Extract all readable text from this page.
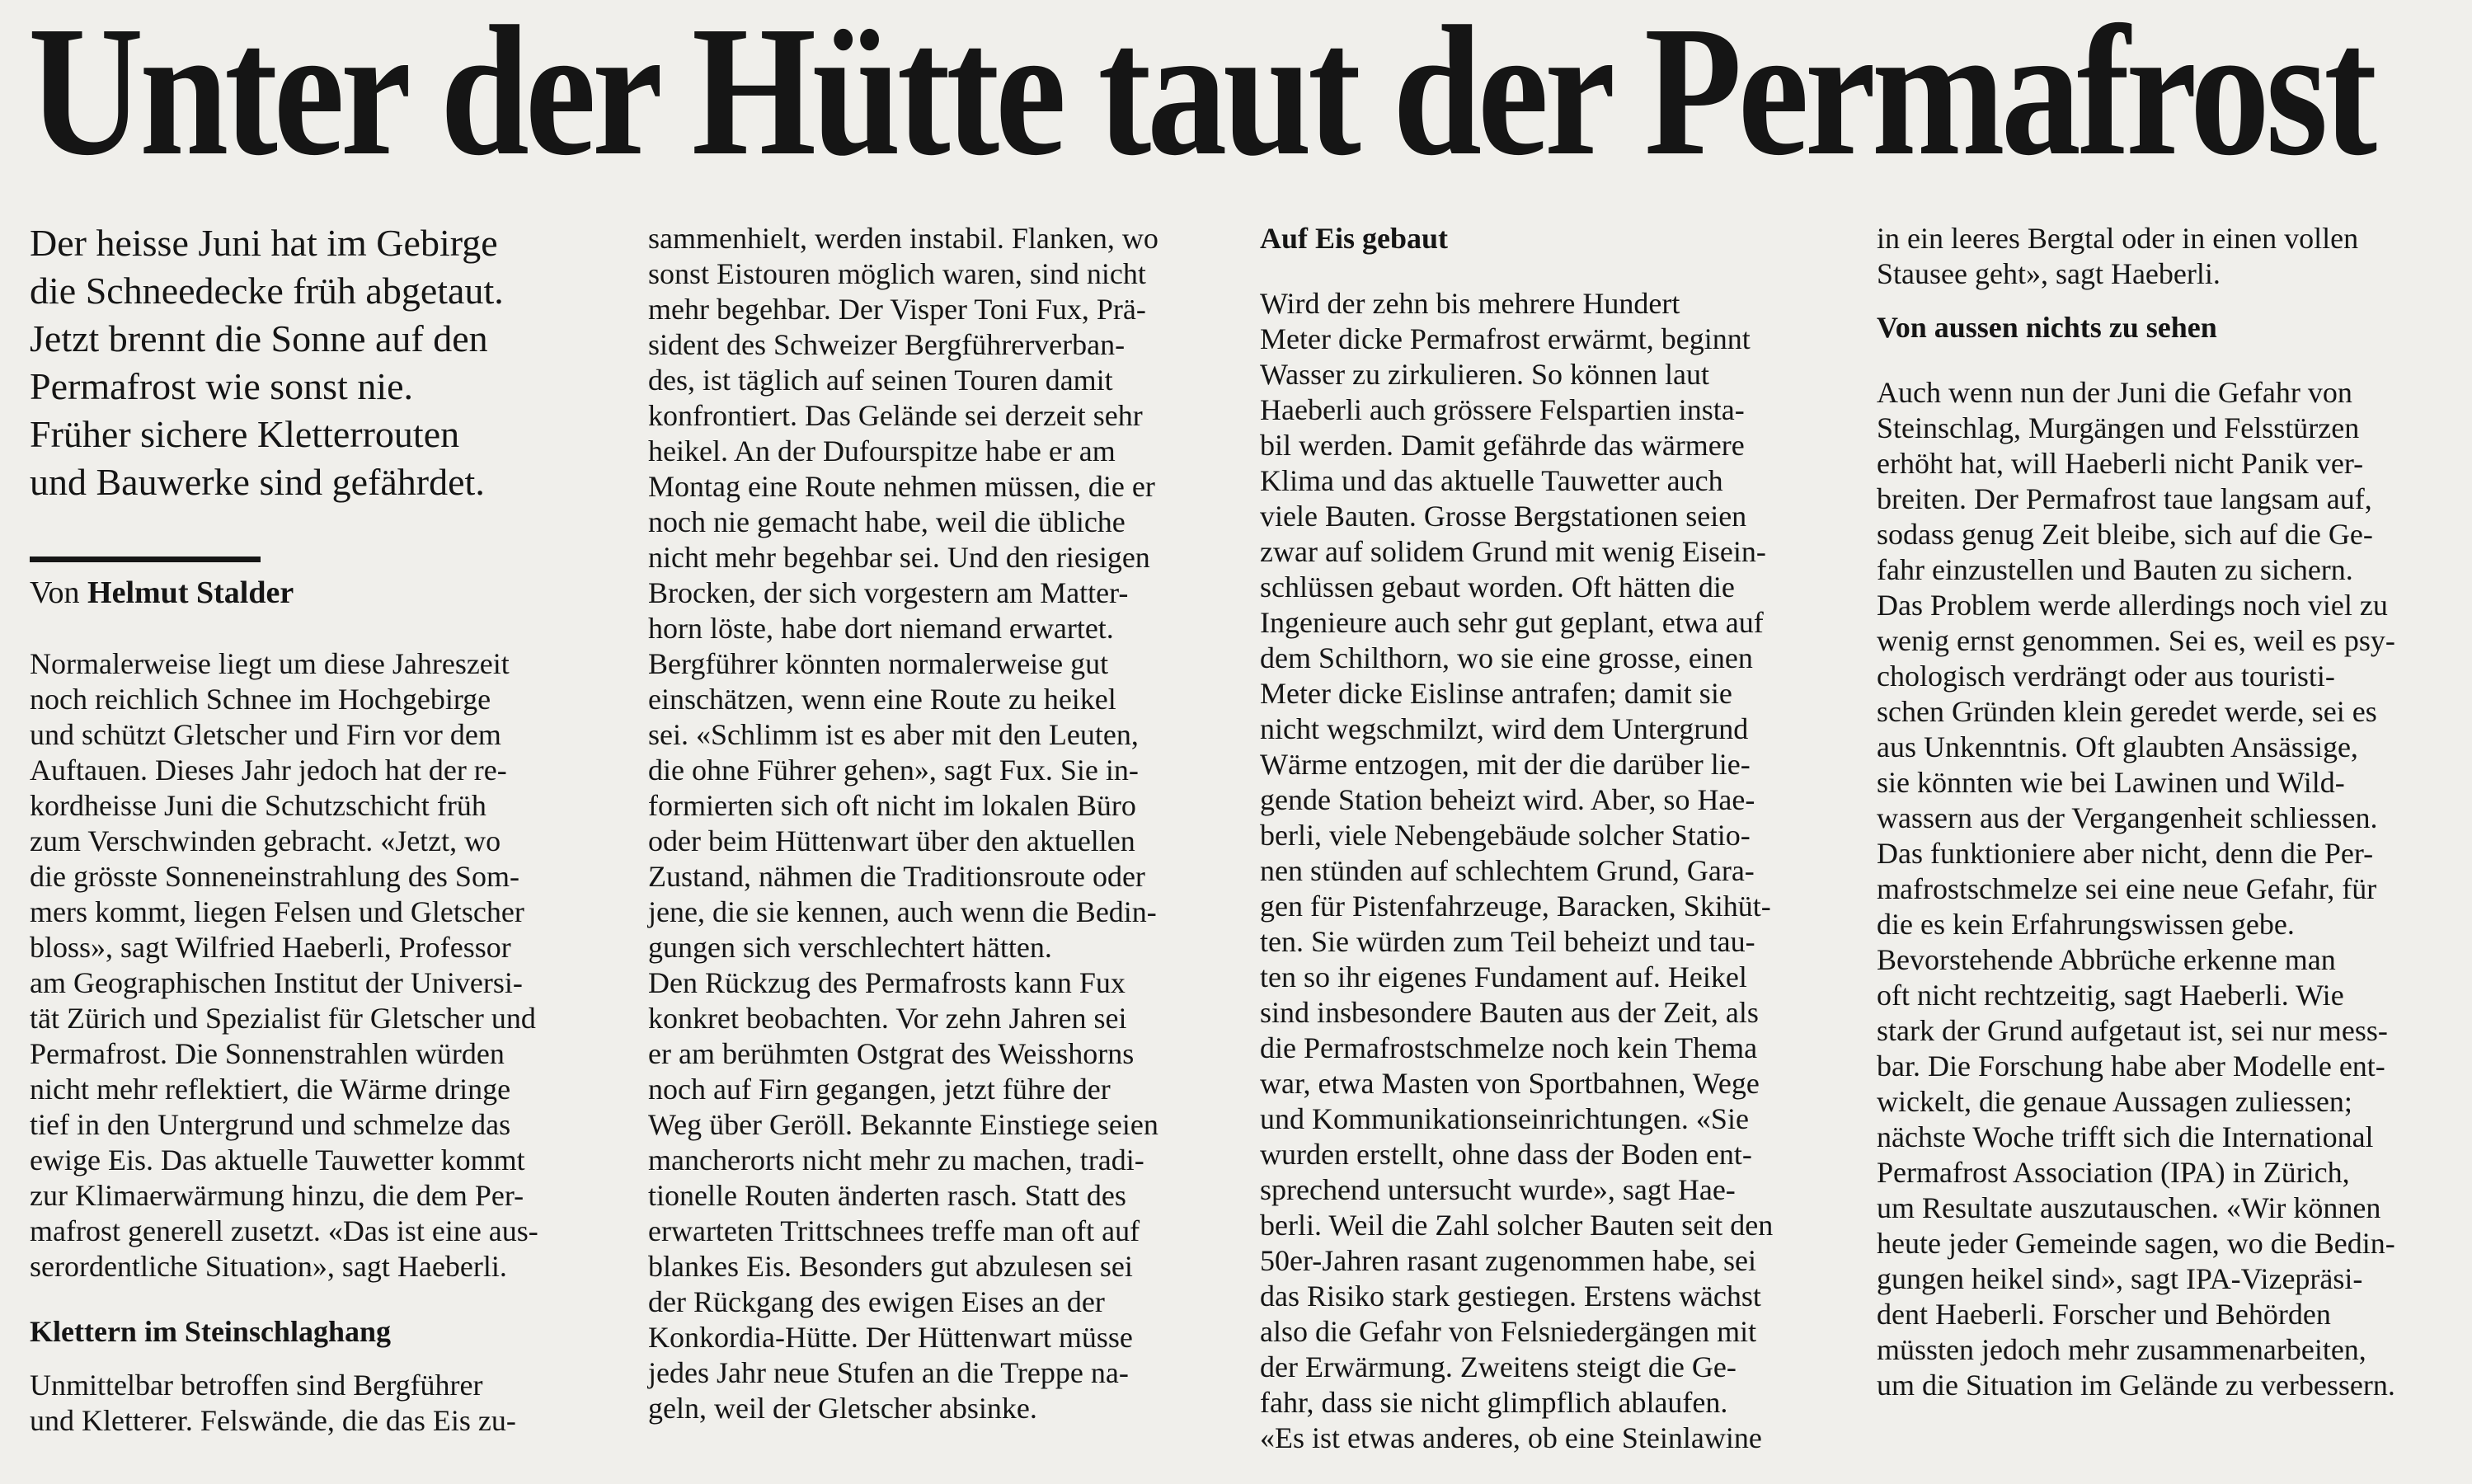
Unter der Hütte taut der Permafrost
Der heisse Juni hat im Gebirge
die Schneedecke früh abgetaut.
Jetzt brennt die Sonne auf den
Permafrost wie sonst nie.
Früher sichere Kletterrouten
und Bauwerke sind gefährdet.
Von Helmut Stalder
Normalerweise liegt um diese Jahreszeit
noch reichlich Schnee im Hochgebirge
und schützt Gletscher und Firn vor dem
Auftauen. Dieses Jahr jedoch hat der re-
kordheisse Juni die Schutzschicht früh
zum Verschwinden gebracht. «Jetzt, wo
die grösste Sonneneinstrahlung des Som-
mers kommt, liegen Felsen und Gletscher
bloss», sagt Wilfried Haeberli, Professor
am Geographischen Institut der Universi-
tät Zürich und Spezialist für Gletscher und
Permafrost. Die Sonnenstrahlen würden
nicht mehr reflektiert, die Wärme dringe
tief in den Untergrund und schmelze das
ewige Eis. Das aktuelle Tauwetter kommt
zur Klimaerwärmung hinzu, die dem Per-
mafrost generell zusetzt. «Das ist eine aus-
serordentliche Situation», sagt Haeberli.
Klettern im Steinschlaghang
Unmittelbar betroffen sind Bergführer
und Kletterer. Felswände, die das Eis zu-
sammenhielt, werden instabil. Flanken, wo
sonst Eistouren möglich waren, sind nicht
mehr begehbar. Der Visper Toni Fux, Prä-
sident des Schweizer Bergführerverban-
des, ist täglich auf seinen Touren damit
konfrontiert. Das Gelände sei derzeit sehr
heikel. An der Dufourspitze habe er am
Montag eine Route nehmen müssen, die er
noch nie gemacht habe, weil die übliche
nicht mehr begehbar sei. Und den riesigen
Brocken, der sich vorgestern am Matter-
horn löste, habe dort niemand erwartet.
Bergführer könnten normalerweise gut
einschätzen, wenn eine Route zu heikel
sei. «Schlimm ist es aber mit den Leuten,
die ohne Führer gehen», sagt Fux. Sie in-
formierten sich oft nicht im lokalen Büro
oder beim Hüttenwart über den aktuellen
Zustand, nähmen die Traditionsroute oder
jene, die sie kennen, auch wenn die Bedin-
gungen sich verschlechtert hätten.
Den Rückzug des Permafrosts kann Fux
konkret beobachten. Vor zehn Jahren sei
er am berühmten Ostgrat des Weisshorns
noch auf Firn gegangen, jetzt führe der
Weg über Geröll. Bekannte Einstiege seien
mancherorts nicht mehr zu machen, tradi-
tionelle Routen änderten rasch. Statt des
erwarteten Trittschnees treffe man oft auf
blankes Eis. Besonders gut abzulesen sei
der Rückgang des ewigen Eises an der
Konkordia-Hütte. Der Hüttenwart müsse
jedes Jahr neue Stufen an die Treppe na-
geln, weil der Gletscher absinke.
Auf Eis gebaut
Wird der zehn bis mehrere Hundert
Meter dicke Permafrost erwärmt, beginnt
Wasser zu zirkulieren. So können laut
Haeberli auch grössere Felspartien insta-
bil werden. Damit gefährde das wärmere
Klima und das aktuelle Tauwetter auch
viele Bauten. Grosse Bergstationen seien
zwar auf solidem Grund mit wenig Eisein-
schlüssen gebaut worden. Oft hätten die
Ingenieure auch sehr gut geplant, etwa auf
dem Schilthorn, wo sie eine grosse, einen
Meter dicke Eislinse antrafen; damit sie
nicht wegschmilzt, wird dem Untergrund
Wärme entzogen, mit der die darüber lie-
gende Station beheizt wird. Aber, so Hae-
berli, viele Nebengebäude solcher Statio-
nen stünden auf schlechtem Grund, Gara-
gen für Pistenfahrzeuge, Baracken, Skihüt-
ten. Sie würden zum Teil beheizt und tau-
ten so ihr eigenes Fundament auf. Heikel
sind insbesondere Bauten aus der Zeit, als
die Permafrostschmelze noch kein Thema
war, etwa Masten von Sportbahnen, Wege
und Kommunikationseinrichtungen. «Sie
wurden erstellt, ohne dass der Boden ent-
sprechend untersucht wurde», sagt Hae-
berli. Weil die Zahl solcher Bauten seit den
50er-Jahren rasant zugenommen habe, sei
das Risiko stark gestiegen. Erstens wächst
also die Gefahr von Felsniedergängen mit
der Erwärmung. Zweitens steigt die Ge-
fahr, dass sie nicht glimpflich ablaufen.
«Es ist etwas anderes, ob eine Steinlawine
in ein leeres Bergtal oder in einen vollen
Stausee geht», sagt Haeberli.
Von aussen nichts zu sehen
Auch wenn nun der Juni die Gefahr von
Steinschlag, Murgängen und Felsstürzen
erhöht hat, will Haeberli nicht Panik ver-
breiten. Der Permafrost taue langsam auf,
sodass genug Zeit bleibe, sich auf die Ge-
fahr einzustellen und Bauten zu sichern.
Das Problem werde allerdings noch viel zu
wenig ernst genommen. Sei es, weil es psy-
chologisch verdrängt oder aus touristi-
schen Gründen klein geredet werde, sei es
aus Unkenntnis. Oft glaubten Ansässige,
sie könnten wie bei Lawinen und Wild-
wassern aus der Vergangenheit schliessen.
Das funktioniere aber nicht, denn die Per-
mafrostschmelze sei eine neue Gefahr, für
die es kein Erfahrungswissen gebe.
Bevorstehende Abbrüche erkenne man
oft nicht rechtzeitig, sagt Haeberli. Wie
stark der Grund aufgetaut ist, sei nur mess-
bar. Die Forschung habe aber Modelle ent-
wickelt, die genaue Aussagen zuliessen;
nächste Woche trifft sich die International
Permafrost Association (IPA) in Zürich,
um Resultate auszutauschen. «Wir können
heute jeder Gemeinde sagen, wo die Bedin-
gungen heikel sind», sagt IPA-Vizepräsi-
dent Haeberli. Forscher und Behörden
müssten jedoch mehr zusammenarbeiten,
um die Situation im Gelände zu verbessern.
